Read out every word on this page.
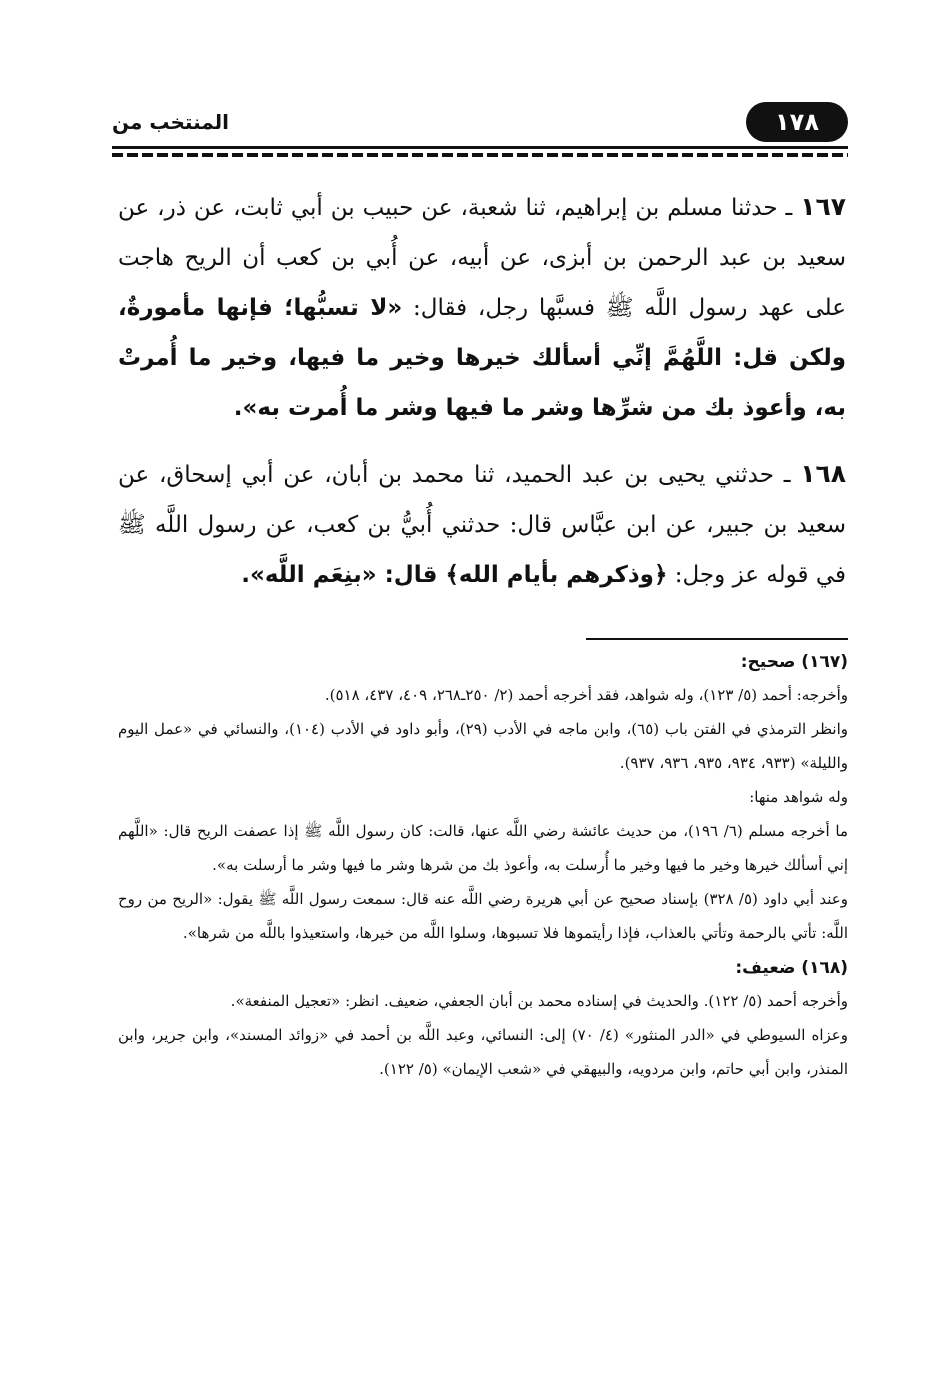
١٧٨
المنتخب من

١٦٧ ـ حدثنا مسلم بن إبراهيم، ثنا شعبة، عن حبيب بن أبي ثابت، عن ذر، عن سعيد بن عبد الرحمن بن أبزى، عن أبيه، عن أُبي بن كعب أن الريح هاجت على عهد رسول اللَّه ﷺ فسبَّها رجل، فقال: «لا تسبُّها؛ فإنها مأمورةٌ، ولكن قل: اللَّهُمَّ إنِّي أسألك خيرها وخير ما فيها، وخير ما أُمرتْ به، وأعوذ بك من شرِّها وشر ما فيها وشر ما أُمرت به».

١٦٨ ـ حدثني يحيى بن عبد الحميد، ثنا محمد بن أبان، عن أبي إسحاق، عن سعيد بن جبير، عن ابن عبَّاس قال: حدثني أُبيُّ بن كعب، عن رسول اللَّه ﷺ في قوله عز وجل: ﴿وذكرهم بأيام الله﴾ قال: «بنِعَم اللَّه».

(١٦٧) صحيح:

وأخرجه: أحمد (٥/ ١٢٣)، وله شواهد، فقد أخرجه أحمد (٢/ ٢٥٠ـ٢٦٨، ٤٠٩، ٤٣٧، ٥١٨).

وانظر الترمذي في الفتن باب (٦٥)، وابن ماجه في الأدب (٢٩)، وأبو داود في الأدب (١٠٤)، والنسائي في «عمل اليوم والليلة» (٩٣٣، ٩٣٤، ٩٣٥، ٩٣٦، ٩٣٧).

وله شواهد منها:

ما أخرجه مسلم (٦/ ١٩٦)، من حديث عائشة رضي اللَّه عنها، قالت: كان رسول اللَّه ﷺ إذا عصفت الريح قال: «اللَّهم إني أسألك خيرها وخير ما فيها وخير ما أُرسلت به، وأعوذ بك من شرها وشر ما فيها وشر ما أرسلت به».

وعند أبي داود (٥/ ٣٢٨) بإسناد صحيح عن أبي هريرة رضي اللَّه عنه قال: سمعت رسول اللَّه ﷺ يقول: «الريح من روح اللَّه: تأتي بالرحمة وتأتي بالعذاب، فإذا رأيتموها فلا تسبوها، وسلوا اللَّه من خيرها، واستعيذوا باللَّه من شرها».

(١٦٨) ضعيف:

وأخرجه أحمد (٥/ ١٢٢). والحديث في إسناده محمد بن أبان الجعفي، ضعيف. انظر: «تعجيل المنفعة».

وعزاه السيوطي في «الدر المنثور» (٤/ ٧٠) إلى: النسائي، وعبد اللَّه بن أحمد في «زوائد المسند»، وابن جرير، وابن المنذر، وابن أبي حاتم، وابن مردويه، والبيهقي في «شعب الإيمان» (٥/ ١٢٢).
